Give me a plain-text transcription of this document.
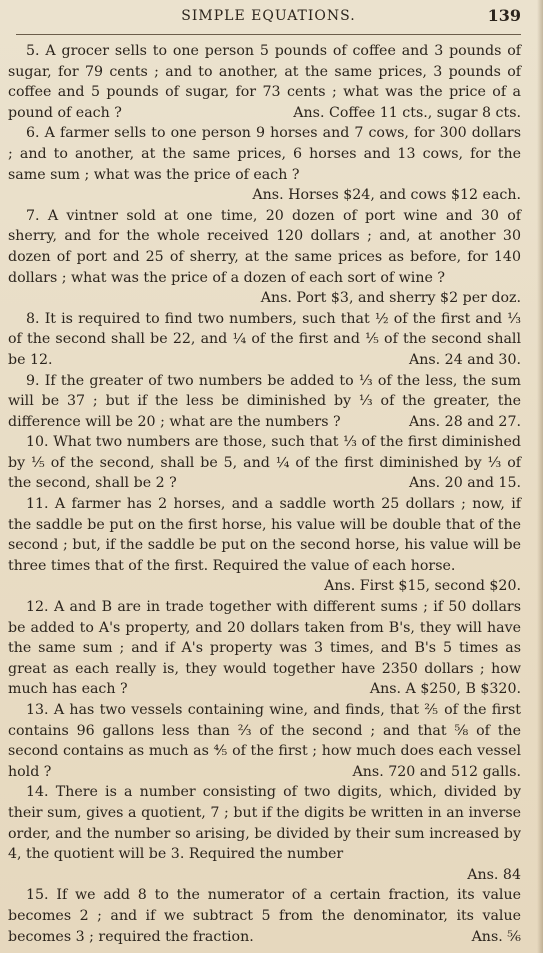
SIMPLE EQUATIONS.	139

5. A grocer sells to one person 5 pounds of coffee and 3 pounds of sugar, for 79 cents ; and to another, at the same prices, 3 pounds of coffee and 5 pounds of sugar, for 73 cents ; what was the price of a pound of each ?	Ans. Coffee 11 cts., sugar 8 cts.

6. A farmer sells to one person 9 horses and 7 cows, for 300 dollars ; and to another, at the same prices, 6 horses and 13 cows, for the same sum ; what was the price of each ?

Ans. Horses $24, and cows $12 each.

7. A vintner sold at one time, 20 dozen of port wine and 30 of sherry, and for the whole received 120 dollars ; and, at another 30 dozen of port and 25 of sherry, at the same prices as before, for 140 dollars ; what was the price of a dozen of each sort of wine ?

Ans. Port $3, and sherry $2 per doz.

8. It is required to find two numbers, such that ½ of the first and ⅓ of the second shall be 22, and ¼ of the first and ⅕ of the second shall be 12.	Ans. 24 and 30.

9. If the greater of two numbers be added to ⅓ of the less, the sum will be 37 ; but if the less be diminished by ⅓ of the greater, the difference will be 20 ; what are the numbers ?	Ans. 28 and 27.

10. What two numbers are those, such that ⅓ of the first diminished by ⅕ of the second, shall be 5, and ¼ of the first diminished by ⅓ of the second, shall be 2 ?	Ans. 20 and 15.

11. A farmer has 2 horses, and a saddle worth 25 dollars ; now, if the saddle be put on the first horse, his value will be double that of the second ; but, if the saddle be put on the second horse, his value will be three times that of the first. Required the value of each horse.
Ans. First $15, second $20.

12. A and B are in trade together with different sums ; if 50 dollars be added to A's property, and 20 dollars taken from B's, they will have the same sum ; and if A's property was 3 times, and B's 5 times as great as each really is, they would together have 2350 dollars ; how much has each ?	Ans. A $250, B $320.

13. A has two vessels containing wine, and finds, that ⅖ of the first contains 96 gallons less than ⅔ of the second ; and that ⅝ of the second contains as much as ⅘ of the first ; how much does each vessel hold ?	Ans. 720 and 512 galls.

14. There is a number consisting of two digits, which, divided by their sum, gives a quotient, 7 ; but if the digits be written in an inverse order, and the number so arising, be divided by their sum increased by 4, the quotient will be 3. Required the number

Ans. 84

15. If we add 8 to the numerator of a certain fraction, its value becomes 2 ; and if we subtract 5 from the denominator, its value becomes 3 ; required the fraction.	Ans. ⁵⁄₆
